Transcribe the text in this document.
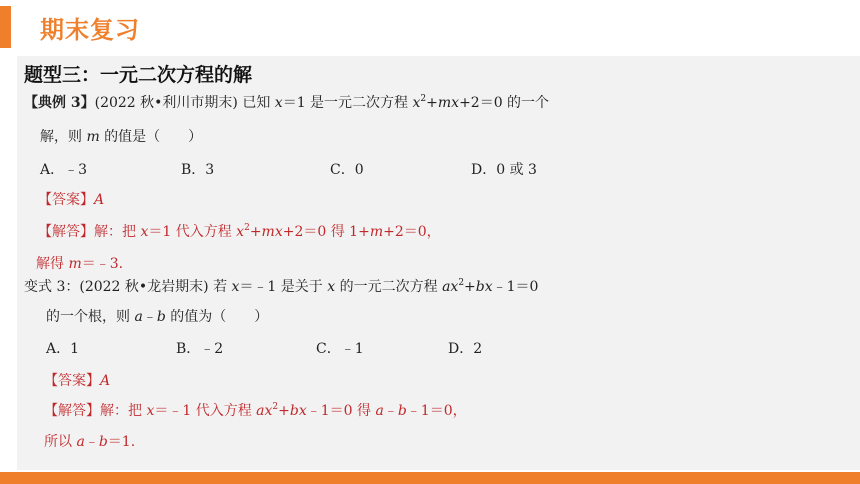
期末复习
题型三：一元二次方程的解
【典例 3】(2022 秋•利川市期末) 已知 x＝1 是一元二次方程 $x^2+mx+2=0$ 的一个
解，则 m 的值是（　　）
A．﹣3	B．3	C．0	D．0 或 3
【答案】A
【解答】解：把 x＝1 代入方程 $x^2+mx+2=0$ 得 1+m+2＝0，
解得 m＝﹣3.
变式 3：(2022 秋•龙岩期末) 若 x＝﹣1 是关于 x 的一元二次方程 $ax^2+bx﹣1=0$
的一个根，则 a﹣b 的值为（　　）
A．1	B．﹣2	C．﹣1	D．2
【答案】A
【解答】解：把 x＝﹣1 代入方程 $ax^2+bx﹣1=0$ 得 a﹣b﹣1＝0，
所以 a﹣b＝1.
